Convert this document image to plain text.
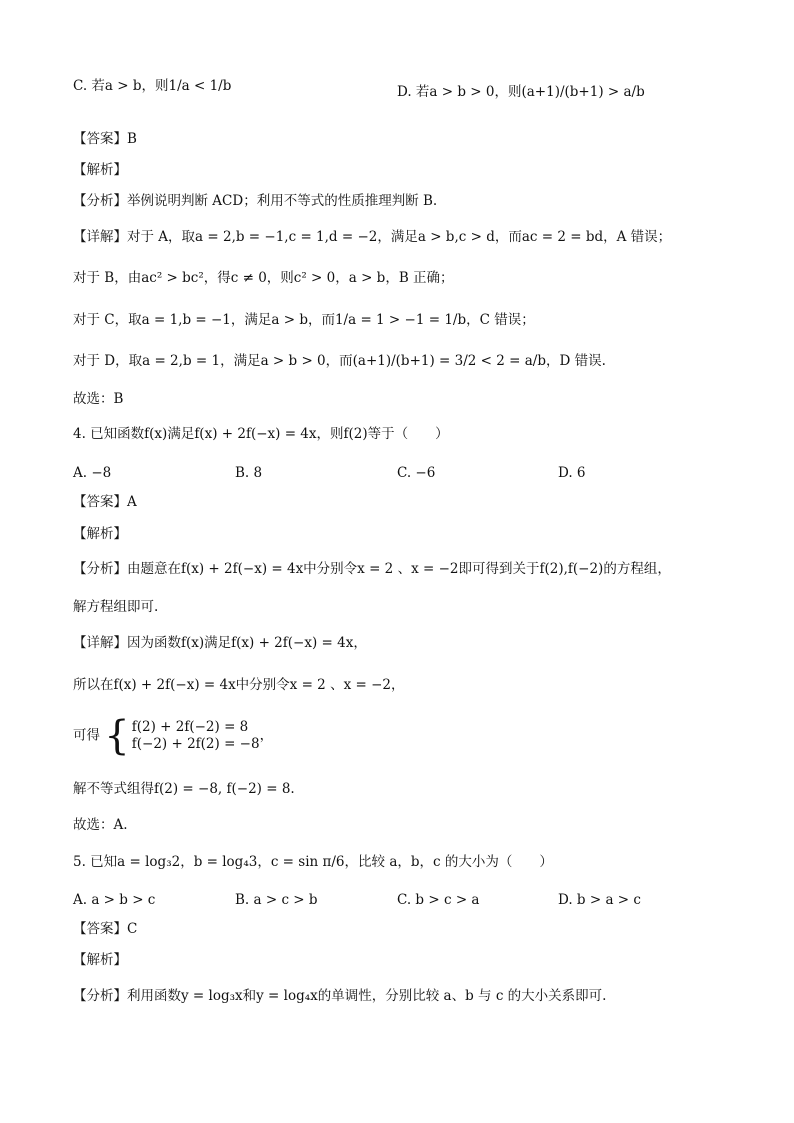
C. 若a > b，则1/a < 1/b	D. 若a > b > 0，则(a+1)/(b+1) > a/b
【答案】B
【解析】
【分析】举例说明判断 ACD；利用不等式的性质推理判断 B.
【详解】对于 A，取a = 2,b = −1,c = 1,d = −2，满足a > b,c > d，而ac = 2 = bd，A 错误；
对于 B，由ac² > bc²，得c ≠ 0，则c² > 0，a > b，B 正确；
对于 C，取a = 1,b = −1，满足a > b，而1/a = 1 > −1 = 1/b，C 错误；
对于 D，取a = 2,b = 1，满足a > b > 0，而(a+1)/(b+1) = 3/2 < 2 = a/b，D 错误.
故选：B
4. 已知函数f(x)满足f(x) + 2f(−x) = 4x，则f(2)等于（　　）
A. −8	B. 8	C. −6	D. 6
【答案】A
【解析】
【分析】由题意在f(x) + 2f(−x) = 4x中分别令x = 2 、x = −2即可得到关于f(2),f(−2)的方程组，
解方程组即可.
【详解】因为函数f(x)满足f(x) + 2f(−x) = 4x，
所以在f(x) + 2f(−x) = 4x中分别令x = 2 、x = −2，
可得 { f(2) + 2f(−2) = 8
f(−2) + 2f(2) = −8
，
解不等式组得f(2) = −8, f(−2) = 8.
故选：A.
5. 已知a = log₃2，b = log₄3，c = sin π/6，比较 a，b，c 的大小为（　　）
A. a > b > c	B. a > c > b	C. b > c > a	D. b > a > c
【答案】C
【解析】
【分析】利用函数y = log₃x和y = log₄x的单调性，分别比较 a、b 与 c 的大小关系即可.
